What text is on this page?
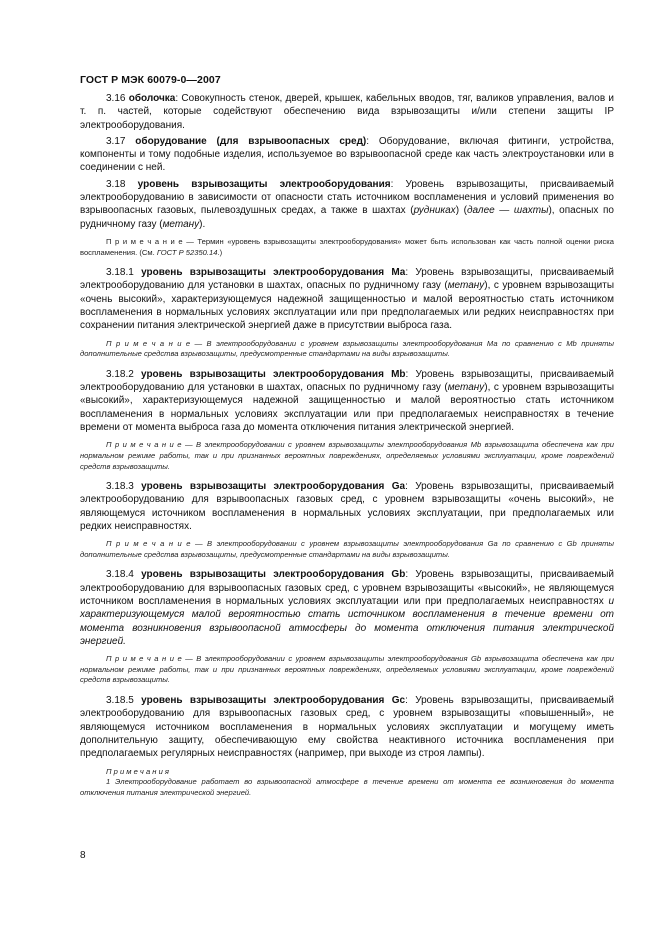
ГОСТ Р МЭК 60079-0—2007

3.16 оболочка: Совокупность стенок, дверей, крышек, кабельных вводов, тяг, валиков управления, валов и т. п. частей, которые содействуют обеспечению вида взрывозащиты и/или степени защиты IP электрооборудования.

3.17 оборудование (для взрывоопасных сред): Оборудование, включая фитинги, устройства, компоненты и тому подобные изделия, используемое во взрывоопасной среде как часть электроустановки или в соединении с ней.

3.18 уровень взрывозащиты электрооборудования: Уровень взрывозащиты, присваиваемый электрооборудованию в зависимости от опасности стать источником воспламенения и условий применения во взрывоопасных газовых, пылевоздушных средах, а также в шахтах (рудниках) (далее — шахты), опасных по рудничному газу (метану).

П р и м е ч а н и е — Термин «уровень взрывозащиты электрооборудования» может быть использован как часть полной оценки риска воспламенения. (См. ГОСТ Р 52350.14.)

3.18.1 уровень взрывозащиты электрооборудования Ма: Уровень взрывозащиты, присваиваемый электрооборудованию для установки в шахтах, опасных по рудничному газу (метану), с уровнем взрывозащиты «очень высокий», характеризующемуся надежной защищенностью и малой вероятностью стать источником воспламенения в нормальных условиях эксплуатации или при предполагаемых или редких неисправностях при сохранении питания электрической энергией даже в присутствии выброса газа.

П р и м е ч а н и е — В электрооборудовании с уровнем взрывозащиты электрооборудования Ма по сравнению с Mb приняты дополнительные средства взрывозащиты, предусмотренные стандартами на виды взрывозащиты.

3.18.2 уровень взрывозащиты электрооборудования Mb: Уровень взрывозащиты, присваиваемый электрооборудованию для установки в шахтах, опасных по рудничному газу (метану), с уровнем взрывозащиты «высокий», характеризующемуся надежной защищенностью и малой вероятностью стать источником воспламенения в нормальных условиях эксплуатации или при предполагаемых неисправностях в течение времени от момента выброса газа до момента отключения питания электрической энергией.

П р и м е ч а н и е — В электрооборудовании с уровнем взрывозащиты электрооборудования Mb взрывозащита обеспечена как при нормальном режиме работы, так и при признанных вероятных повреждениях, определяемых условиями эксплуатации, кроме повреждений средств взрывозащиты.

3.18.3 уровень взрывозащиты электрооборудования Ga: Уровень взрывозащиты, присваиваемый электрооборудованию для взрывоопасных газовых сред, с уровнем взрывозащиты «очень высокий», не являющемуся источником воспламенения в нормальных условиях эксплуатации, при предполагаемых или редких неисправностях.

П р и м е ч а н и е — В электрооборудовании с уровнем взрывозащиты электрооборудования Ga по сравнению с Gb приняты дополнительные средства взрывозащиты, предусмотренные стандартами на виды взрывозащиты.

3.18.4 уровень взрывозащиты электрооборудования Gb: Уровень взрывозащиты, присваиваемый электрооборудованию для взрывоопасных газовых сред, с уровнем взрывозащиты «высокий», не являющемуся источником воспламенения в нормальных условиях эксплуатации или при предполагаемых неисправностях и характеризующемуся малой вероятностью стать источником воспламенения в течение времени от момента возникновения взрывоопасной атмосферы до момента отключения питания электрической энергией.

П р и м е ч а н и е — В электрооборудовании с уровнем взрывозащиты электрооборудования Gb взрывозащита обеспечена как при нормальном режиме работы, так и при признанных вероятных повреждениях, определяемых условиями эксплуатации, кроме повреждений средств взрывозащиты.

3.18.5 уровень взрывозащиты электрооборудования Gc: Уровень взрывозащиты, присваиваемый электрооборудованию для взрывоопасных газовых сред, с уровнем взрывозащиты «повышенный», не являющемуся источником воспламенения в нормальных условиях эксплуатации и могущему иметь дополнительную защиту, обеспечивающую ему свойства неактивного источника воспламенения при предполагаемых регулярных неисправностях (например, при выходе из строя лампы).

П р и м е ч а н и я

1 Электрооборудование работает во взрывоопасной атмосфере в течение времени от момента ее возникновения до момента отключения питания электрической энергией.

8
